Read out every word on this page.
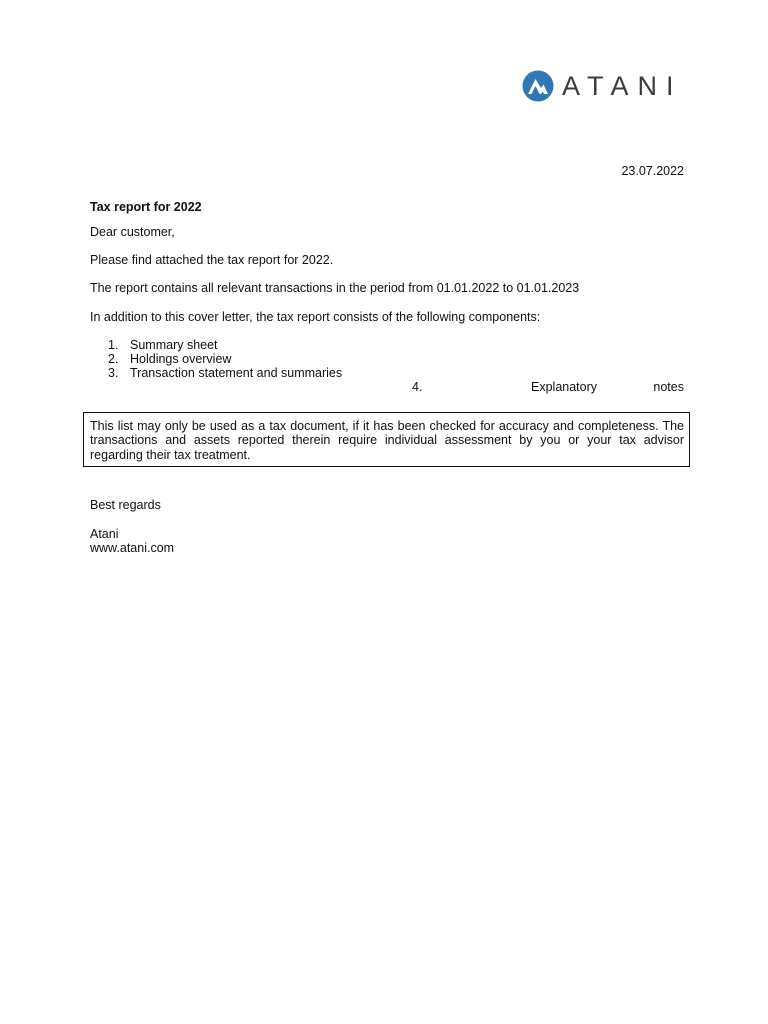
ATANI
23.07.2022
Tax report for 2022
Dear customer,
Please find attached the tax report for 2022.
The report contains all relevant transactions in the period from 01.01.2022 to 01.01.2023
In addition to this cover letter, the tax report consists of the following components:
1. Summary sheet
2. Holdings overview
3. Transaction statement and summaries
4.	Explanatory	notes
This list may only be used as a tax document, if it has been checked for accuracy and completeness. The transactions and assets reported therein require individual assessment by you or your tax advisor regarding their tax treatment.
Best regards
Atani
www.atani.com
